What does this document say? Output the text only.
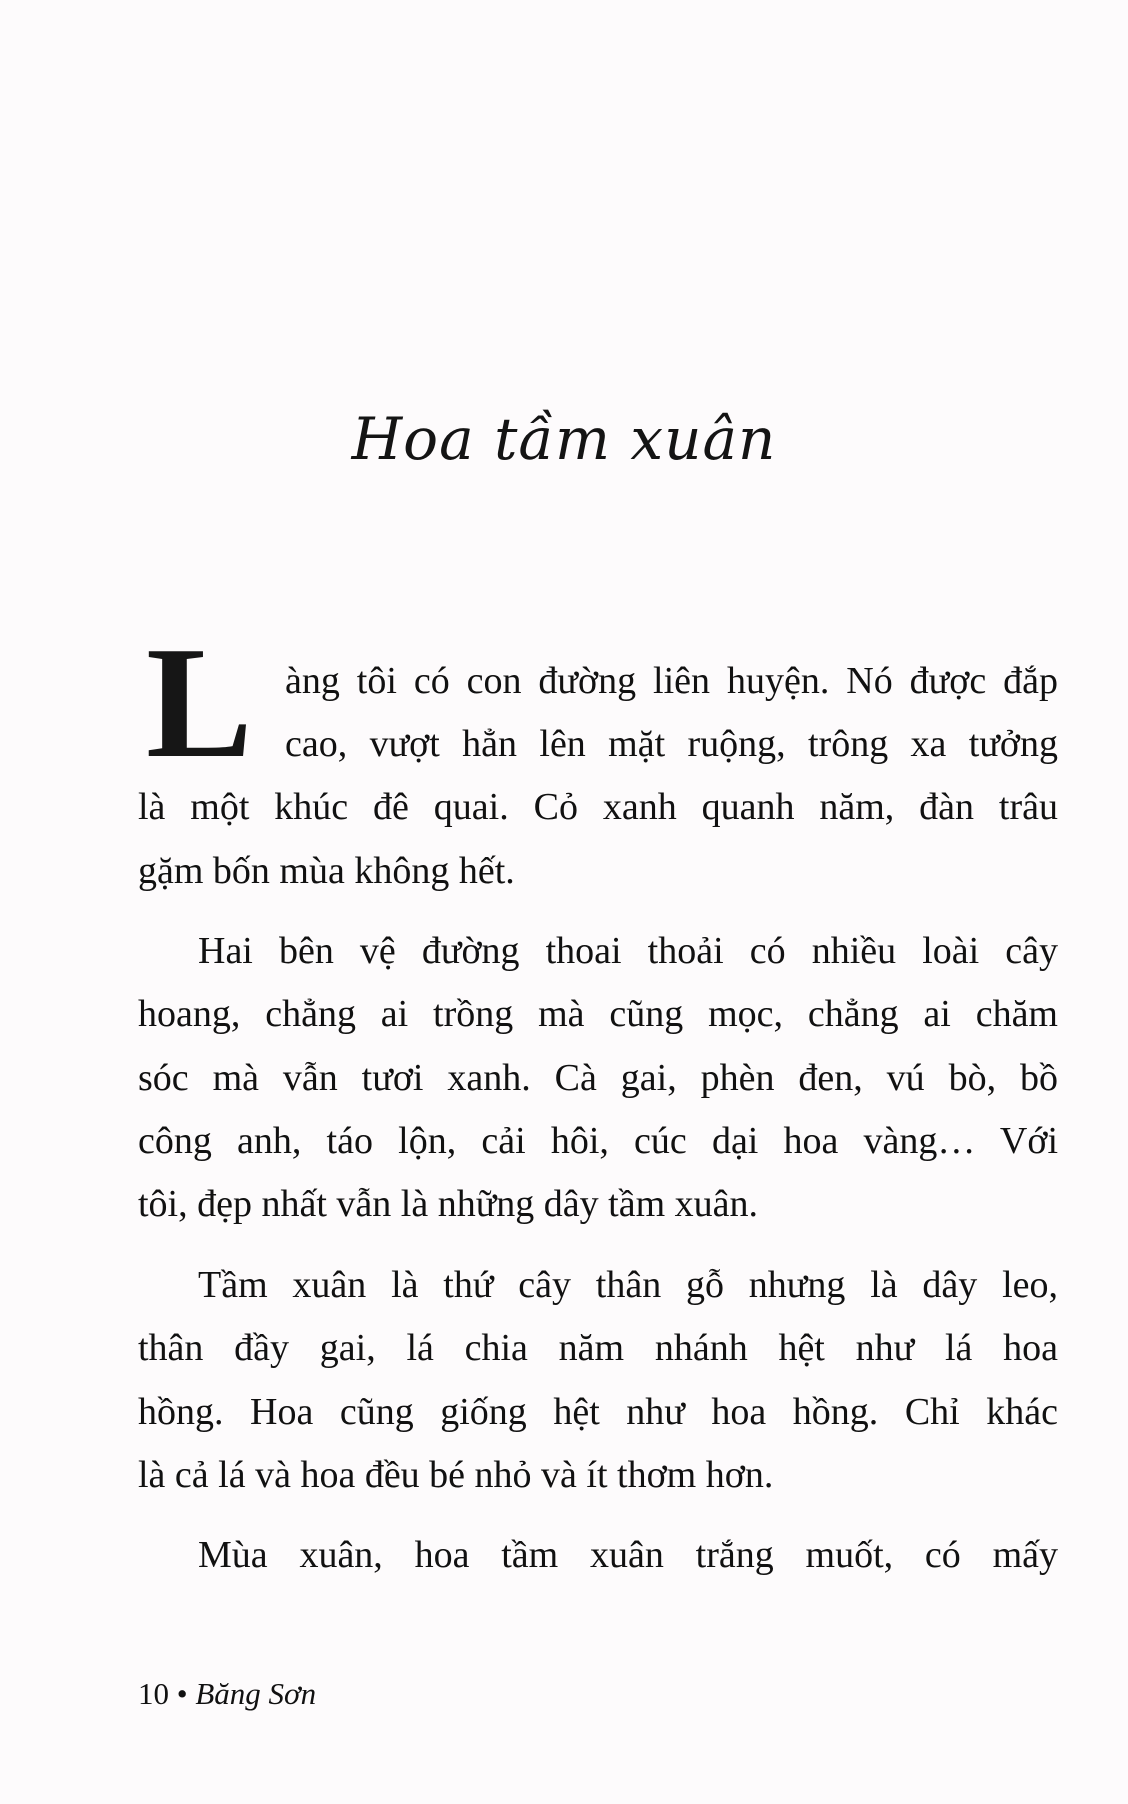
Hoa tầm xuân
L àng tôi có con đường liên huyện. Nó được đắp
cao, vượt hẳn lên mặt ruộng, trông xa tưởng
là một khúc đê quai. Cỏ xanh quanh năm, đàn trâu
gặm bốn mùa không hết.
Hai bên vệ đường thoai thoải có nhiều loài cây
hoang, chẳng ai trồng mà cũng mọc, chẳng ai chăm
sóc mà vẫn tươi xanh. Cà gai, phèn đen, vú bò, bồ
công anh, táo lộn, cải hôi, cúc dại hoa vàng… Với
tôi, đẹp nhất vẫn là những dây tầm xuân.
Tầm xuân là thứ cây thân gỗ nhưng là dây leo,
thân đầy gai, lá chia năm nhánh hệt như lá hoa
hồng. Hoa cũng giống hệt như hoa hồng. Chỉ khác
là cả lá và hoa đều bé nhỏ và ít thơm hơn.
Mùa xuân, hoa tầm xuân trắng muốt, có mấy
10 • Băng Sơn
